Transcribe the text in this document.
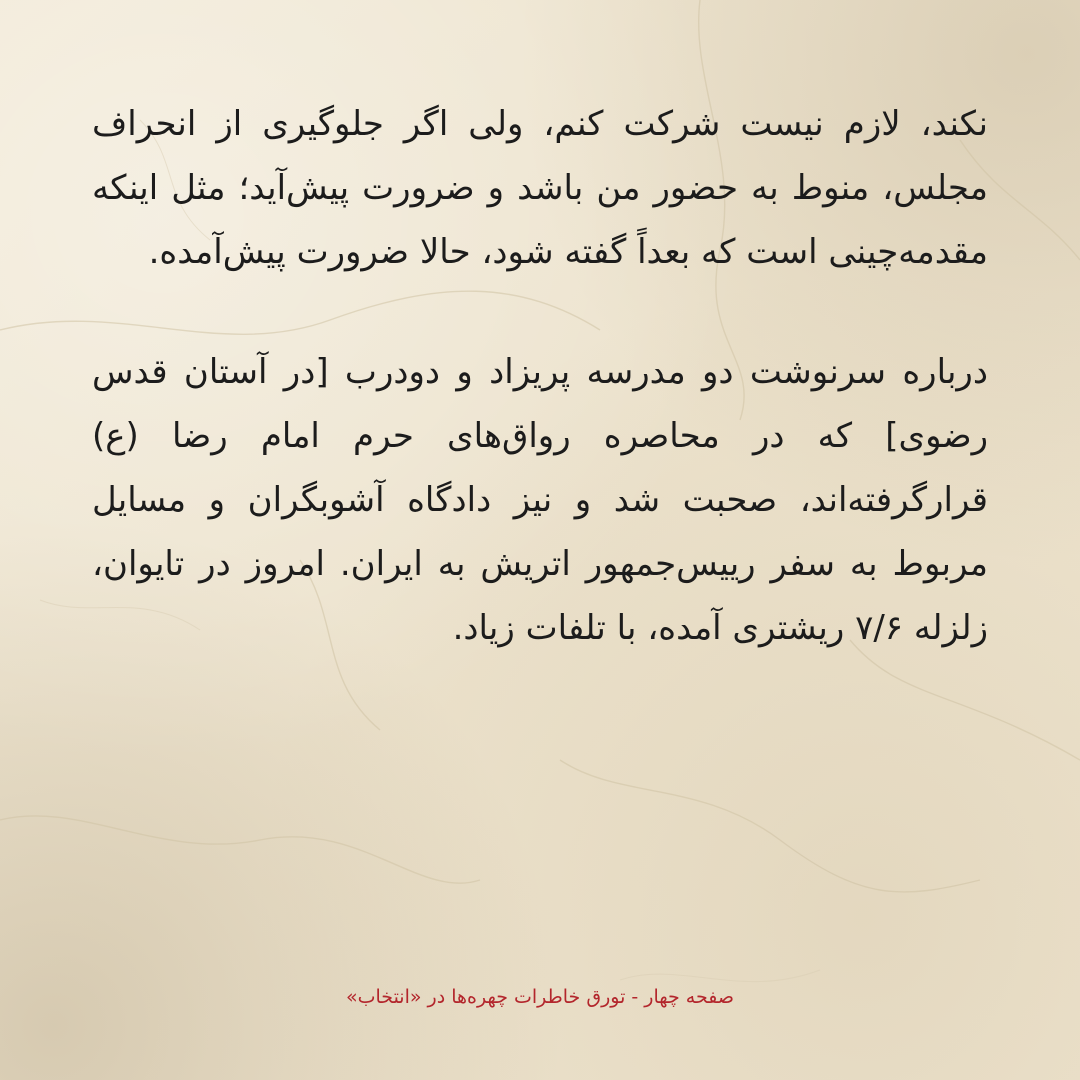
نکند، لازم نیست شرکت کنم، ولی اگر جلوگیری از انحراف مجلس، منوط به حضور من باشد و ضرورت پیش‌آید؛ مثل اینکه مقدمه‌چینی است که بعداً گفته شود، حالا ضرورت پیش‌آمده.

درباره سرنوشت دو مدرسه پریزاد و دودرب [در آستان قدس رضوی] که در محاصره رواق‌های حرم امام رضا (ع) قرارگرفته‌اند، صحبت شد و نیز دادگاه آشوبگران و مسایل مربوط به سفر رییس‌جمهور اتریش به ایران. امروز در تایوان، زلزله ۷/۶ ریشتری آمده، با تلفات زیاد.

صفحه چهار - تورق خاطرات چهره‌ها در «انتخاب»
